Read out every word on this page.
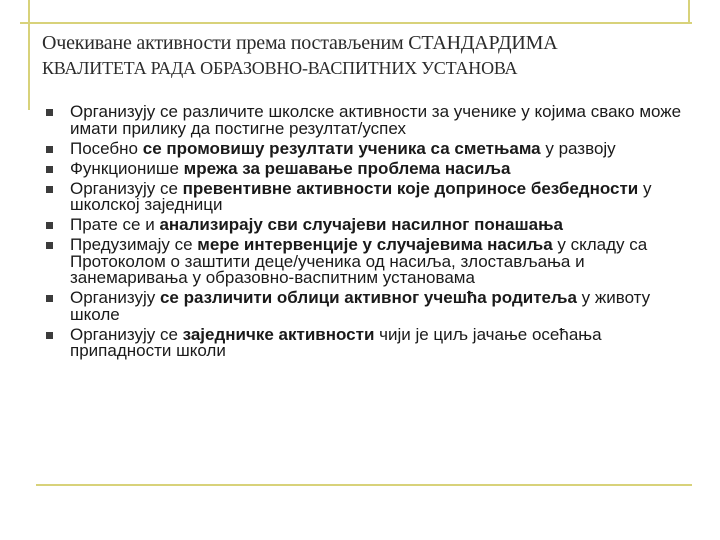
Очекиване активности према постављеним СТАНДАРДИМА
КВАЛИТЕТА РАДА ОБРАЗОВНО-ВАСПИТНИХ УСТАНОВА
Организују се различите школске активности за ученике у којима свако може имати прилику да постигне резултат/успех
Посебно се промовишу резултати ученика са сметњама у развоју
Функционише мрежа за решавање проблема насиља
Организују се превентивне активности које доприносе безбедности у школској заједници
Прате се и анализирају сви случајеви насилног понашања
Предузимају се мере интервенције у случајевима насиља у складу са Протоколом о заштити деце/ученика од насиља, злостављања и занемаривања у образовно-васпитним установама
Организују се различити облици активног учешћа родитеља у животу школе
Организују се заједничке активности чији је циљ јачање осећања припадности школи
